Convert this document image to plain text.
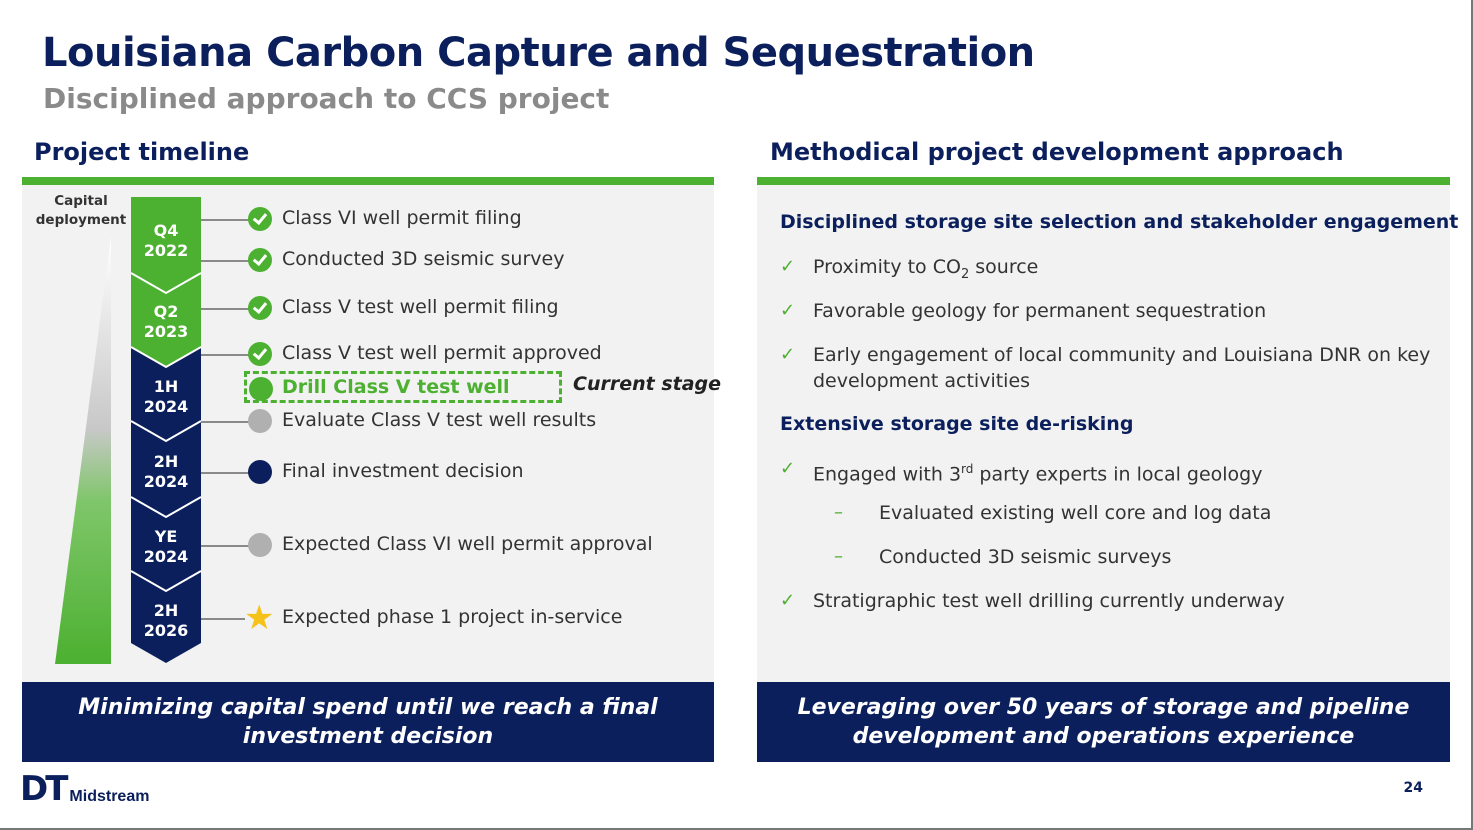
Louisiana Carbon Capture and Sequestration
Disciplined approach to CCS project
Project timeline
Capital
deployment
Q4
2022
Q2
2023
1H
2024
2H
2024
YE
2024
2H
2026
Class VI well permit filing
Conducted 3D seismic survey
Class V test well permit filing
Class V test well permit approved
Drill Class V test well	Current stage
Evaluate Class V test well results
Final investment decision
Expected Class VI well permit approval
★ Expected phase 1 project in-service
Minimizing capital spend until we reach a final
investment decision
Methodical project development approach
Disciplined storage site selection and stakeholder engagement
✓ Proximity to $CO_2$ source
✓ Favorable geology for permanent sequestration
✓ Early engagement of local community and Louisiana DNR on key
development activities
Extensive storage site de-risking
✓ Engaged with 3rd party experts in local geology
– Evaluated existing well core and log data
– Conducted 3D seismic surveys
✓ Stratigraphic test well drilling currently underway
Leveraging over 50 years of storage and pipeline
development and operations experience
DT Midstream	24
